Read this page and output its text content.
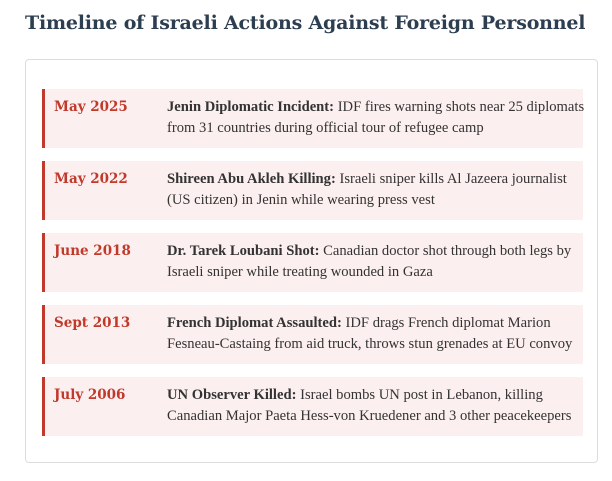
Timeline of Israeli Actions Against Foreign Personnel
May 2025	Jenin Diplomatic Incident: IDF fires warning shots near 25 diplomats from 31 countries during official tour of refugee camp
May 2022	Shireen Abu Akleh Killing: Israeli sniper kills Al Jazeera journalist (US citizen) in Jenin while wearing press vest
June 2018 Dr. Tarek Loubani Shot: Canadian doctor shot through both legs by Israeli sniper while treating wounded in Gaza
Sept 2013	French Diplomat Assaulted: IDF drags French diplomat Marion Fesneau-Castaing from aid truck, throws stun grenades at EU convoy
July 2006	UN Observer Killed: Israel bombs UN post in Lebanon, killing Canadian Major Paeta Hess-von Kruedener and 3 other peacekeepers
